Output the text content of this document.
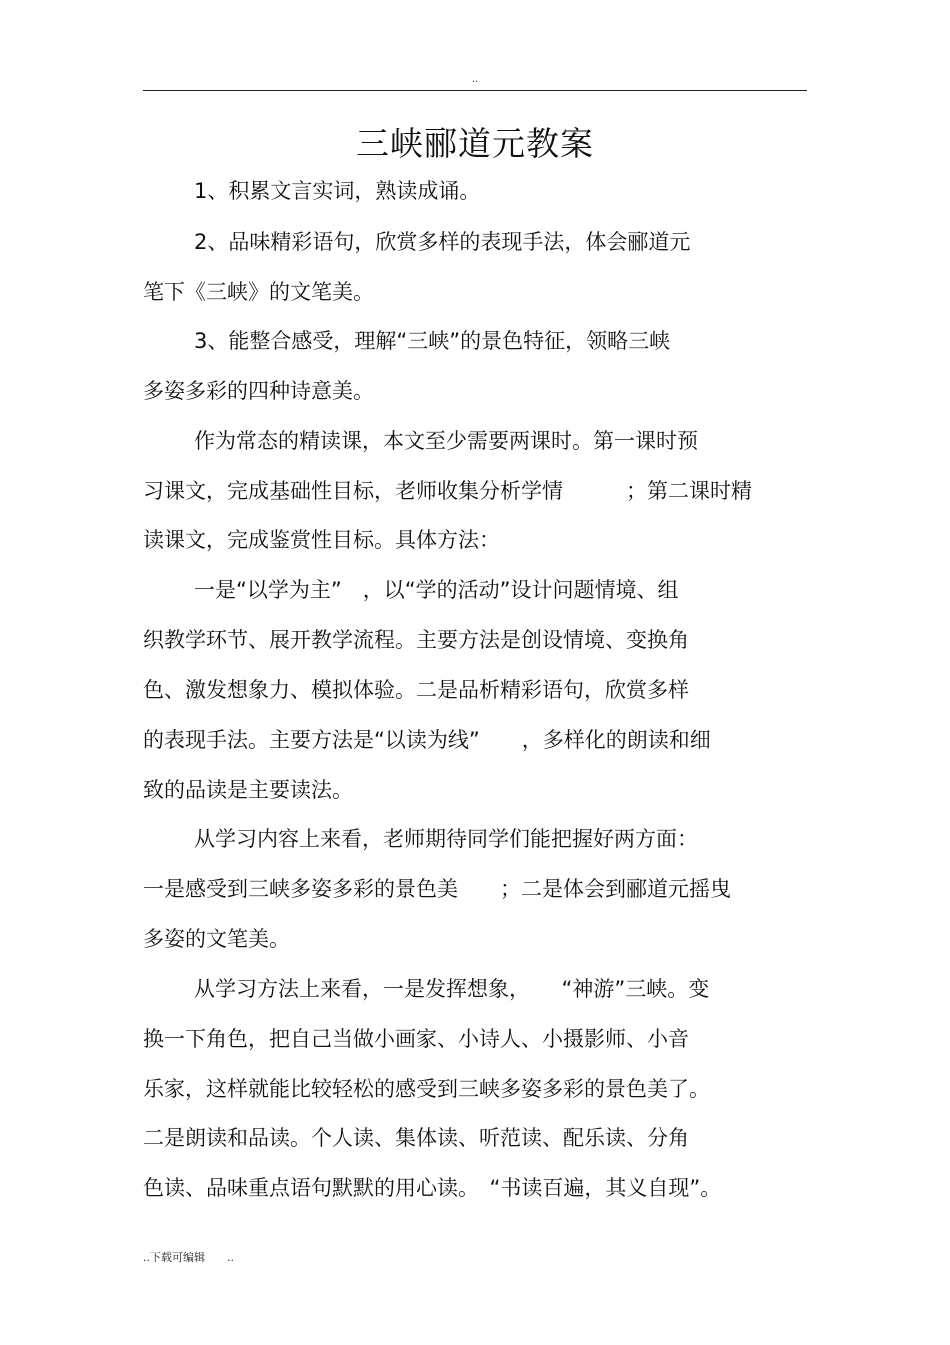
..
三峡郦道元教案
1、积累文言实词，熟读成诵。
2、品味精彩语句，欣赏多样的表现手法，体会郦道元
笔下《三峡》的文笔美。
3、能整合感受，理解“三峡”的景色特征，领略三峡
多姿多彩的四种诗意美。
作为常态的精读课，本文至少需要两课时。第一课时预
习课文，完成基础性目标，老师收集分析学情　　　；第二课时精
读课文，完成鉴赏性目标。具体方法：
一是“以学为主”　，以“学的活动”设计问题情境、组
织教学环节、展开教学流程。主要方法是创设情境、变换角
色、激发想象力、模拟体验。二是品析精彩语句，欣赏多样
的表现手法。主要方法是“以读为线”　　，多样化的朗读和细
致的品读是主要读法。
从学习内容上来看，老师期待同学们能把握好两方面：
一是感受到三峡多姿多彩的景色美　　；二是体会到郦道元摇曳
多姿的文笔美。
从学习方法上来看，一是发挥想象，　　“神游”三峡。变
换一下角色，把自己当做小画家、小诗人、小摄影师、小音
乐家，这样就能比较轻松的感受到三峡多姿多彩的景色美了。
二是朗读和品读。个人读、集体读、听范读、配乐读、分角
色读、品味重点语句默默的用心读。　“书读百遍，其义自现”。
..下载可编辑　　..
